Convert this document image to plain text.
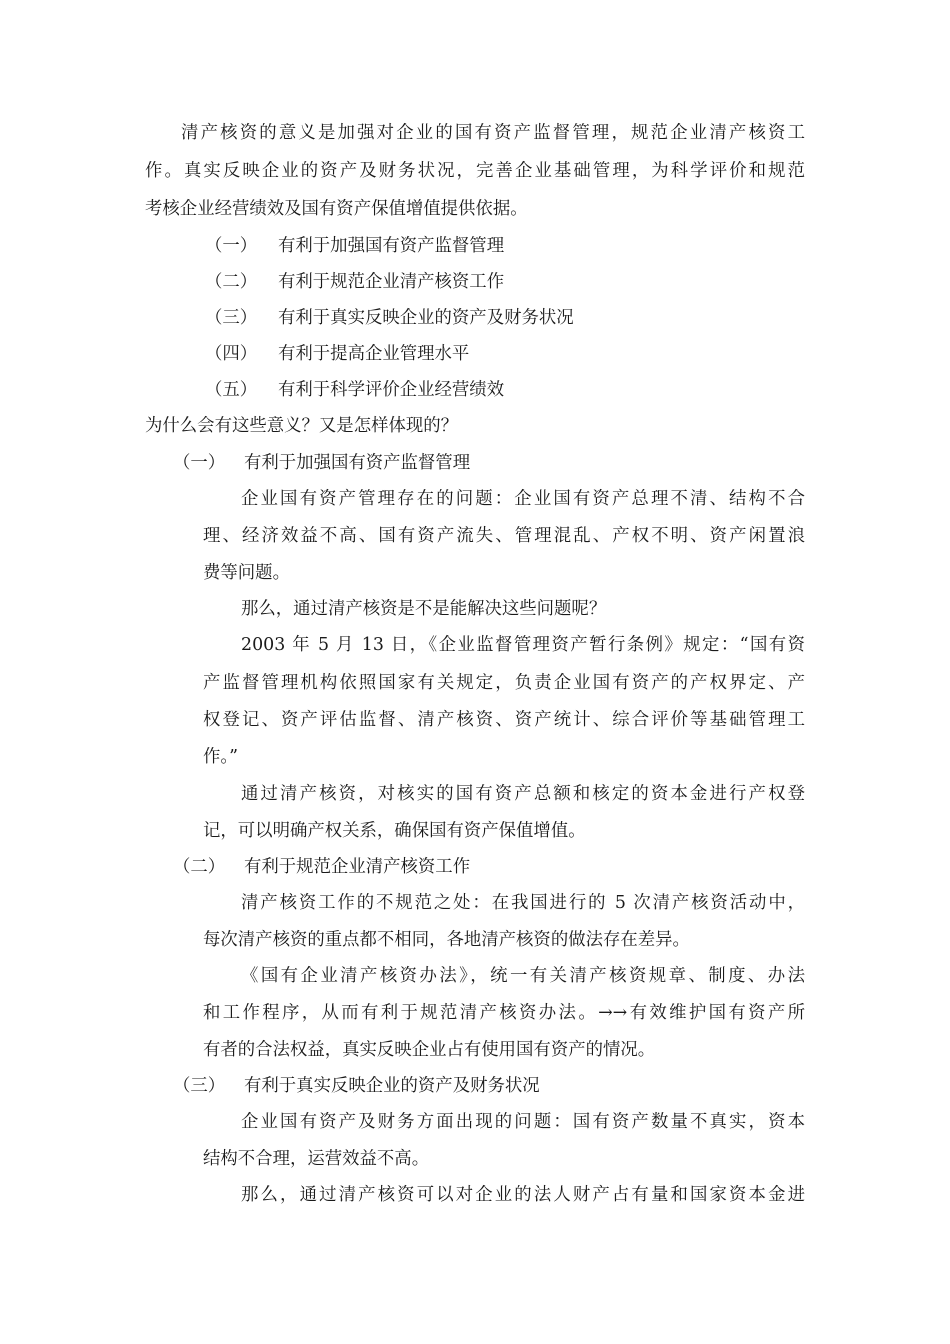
清产核资的意义是加强对企业的国有资产监督管理，规范企业清产核资工
作。真实反映企业的资产及财务状况，完善企业基础管理，为科学评价和规范
考核企业经营绩效及国有资产保值增值提供依据。
（一） 有利于加强国有资产监督管理
（二） 有利于规范企业清产核资工作
（三） 有利于真实反映企业的资产及财务状况
（四） 有利于提高企业管理水平
（五） 有利于科学评价企业经营绩效
为什么会有这些意义？又是怎样体现的？
（一） 有利于加强国有资产监督管理
企业国有资产管理存在的问题：企业国有资产总理不清、结构不合
理、经济效益不高、国有资产流失、管理混乱、产权不明、资产闲置浪
费等问题。
那么，通过清产核资是不是能解决这些问题呢？
2003 年 5 月 13 日，《企业监督管理资产暂行条例》规定：“国有资
产监督管理机构依照国家有关规定，负责企业国有资产的产权界定、产
权登记、资产评估监督、清产核资、资产统计、综合评价等基础管理工
作。”
通过清产核资，对核实的国有资产总额和核定的资本金进行产权登
记，可以明确产权关系，确保国有资产保值增值。
（二） 有利于规范企业清产核资工作
清产核资工作的不规范之处：在我国进行的 5 次清产核资活动中，
每次清产核资的重点都不相同，各地清产核资的做法存在差异。
《国有企业清产核资办法》，统一有关清产核资规章、制度、办法
和工作程序，从而有利于规范清产核资办法。→→有效维护国有资产所
有者的合法权益，真实反映企业占有使用国有资产的情况。
（三） 有利于真实反映企业的资产及财务状况
企业国有资产及财务方面出现的问题：国有资产数量不真实，资本
结构不合理，运营效益不高。
那么，通过清产核资可以对企业的法人财产占有量和国家资本金进
